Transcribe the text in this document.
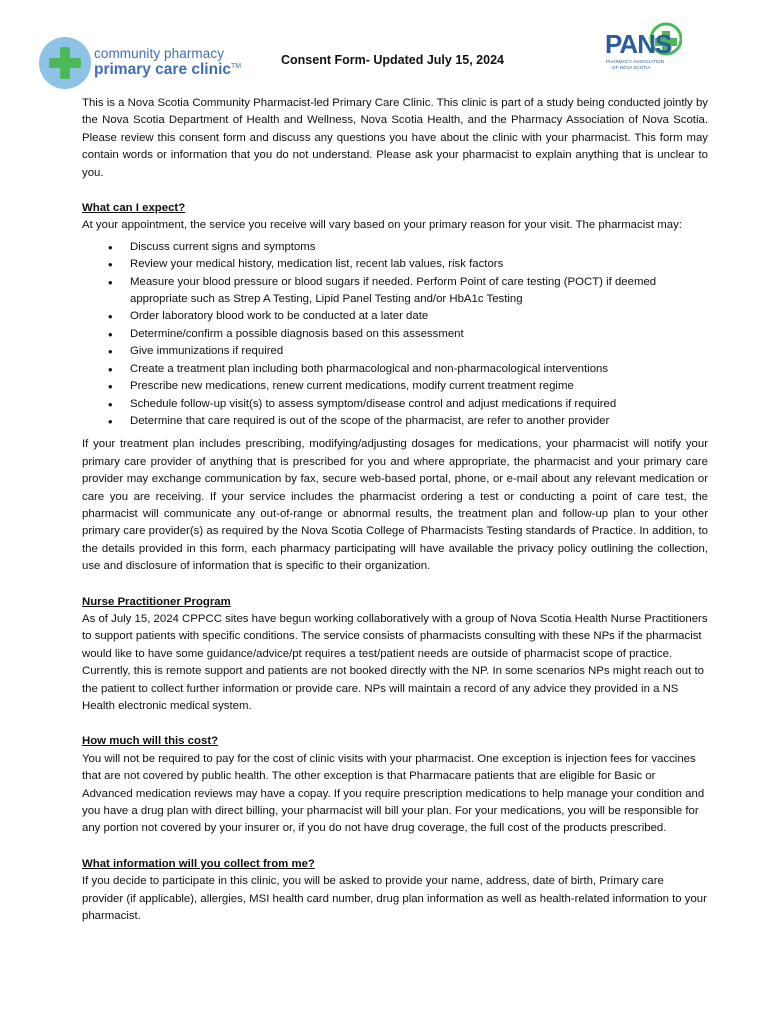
community pharmacy
primary care clinic™	Consent Form- Updated July 15, 2024
PANS
PHARMACY ASSOCIATION
OF NOVA SCOTIA

This is a Nova Scotia Community Pharmacist-led Primary Care Clinic. This clinic is part of a study being conducted jointly by the Nova Scotia Department of Health and Wellness, Nova Scotia Health, and the Pharmacy Association of Nova Scotia. Please review this consent form and discuss any questions you have about the clinic with your pharmacist. This form may contain words or information that you do not understand. Please ask your pharmacist to explain anything that is unclear to you.

What can I expect?

At your appointment, the service you receive will vary based on your primary reason for your visit. The pharmacist may:

• Discuss current signs and symptoms
• Review your medical history, medication list, recent lab values, risk factors
• Measure your blood pressure or blood sugars if needed. Perform Point of care testing (POCT) if deemed appropriate such as Strep A Testing, Lipid Panel Testing and/or HbA1c Testing
• Order laboratory blood work to be conducted at a later date
• Determine/confirm a possible diagnosis based on this assessment
• Give immunizations if required
• Create a treatment plan including both pharmacological and non-pharmacological interventions
• Prescribe new medications, renew current medications, modify current treatment regime
• Schedule follow-up visit(s) to assess symptom/disease control and adjust medications if required
• Determine that care required is out of the scope of the pharmacist, are refer to another provider

If your treatment plan includes prescribing, modifying/adjusting dosages for medications, your pharmacist will notify your primary care provider of anything that is prescribed for you and where appropriate, the pharmacist and your primary care provider may exchange communication by fax, secure web-based portal, phone, or e-mail about any relevant medication or care you are receiving. If your service includes the pharmacist ordering a test or conducting a point of care test, the pharmacist will communicate any out-of-range or abnormal results, the treatment plan and follow-up plan to your other primary care provider(s) as required by the Nova Scotia College of Pharmacists Testing standards of Practice. In addition, to the details provided in this form, each pharmacy participating will have available the privacy policy outlining the collection, use and disclosure of information that is specific to their organization.

Nurse Practitioner Program

As of July 15, 2024 CPPCC sites have begun working collaboratively with a group of Nova Scotia Health Nurse Practitioners to support patients with specific conditions. The service consists of pharmacists consulting with these NPs if the pharmacist would like to have some guidance/advice/pt requires a test/patient needs are outside of pharmacist scope of practice. Currently, this is remote support and patients are not booked directly with the NP. In some scenarios NPs might reach out to the patient to collect further information or provide care. NPs will maintain a record of any advice they provided in a NS Health electronic medical system.

How much will this cost?

You will not be required to pay for the cost of clinic visits with your pharmacist. One exception is injection fees for vaccines that are not covered by public health. The other exception is that Pharmacare patients that are eligible for Basic or Advanced medication reviews may have a copay. If you require prescription medications to help manage your condition and you have a drug plan with direct billing, your pharmacist will bill your plan. For your medications, you will be responsible for any portion not covered by your insurer or, if you do not have drug coverage, the full cost of the products prescribed.

What information will you collect from me?

If you decide to participate in this clinic, you will be asked to provide your name, address, date of birth, Primary care provider (if applicable), allergies, MSI health card number, drug plan information as well as health-related information to your pharmacist.
